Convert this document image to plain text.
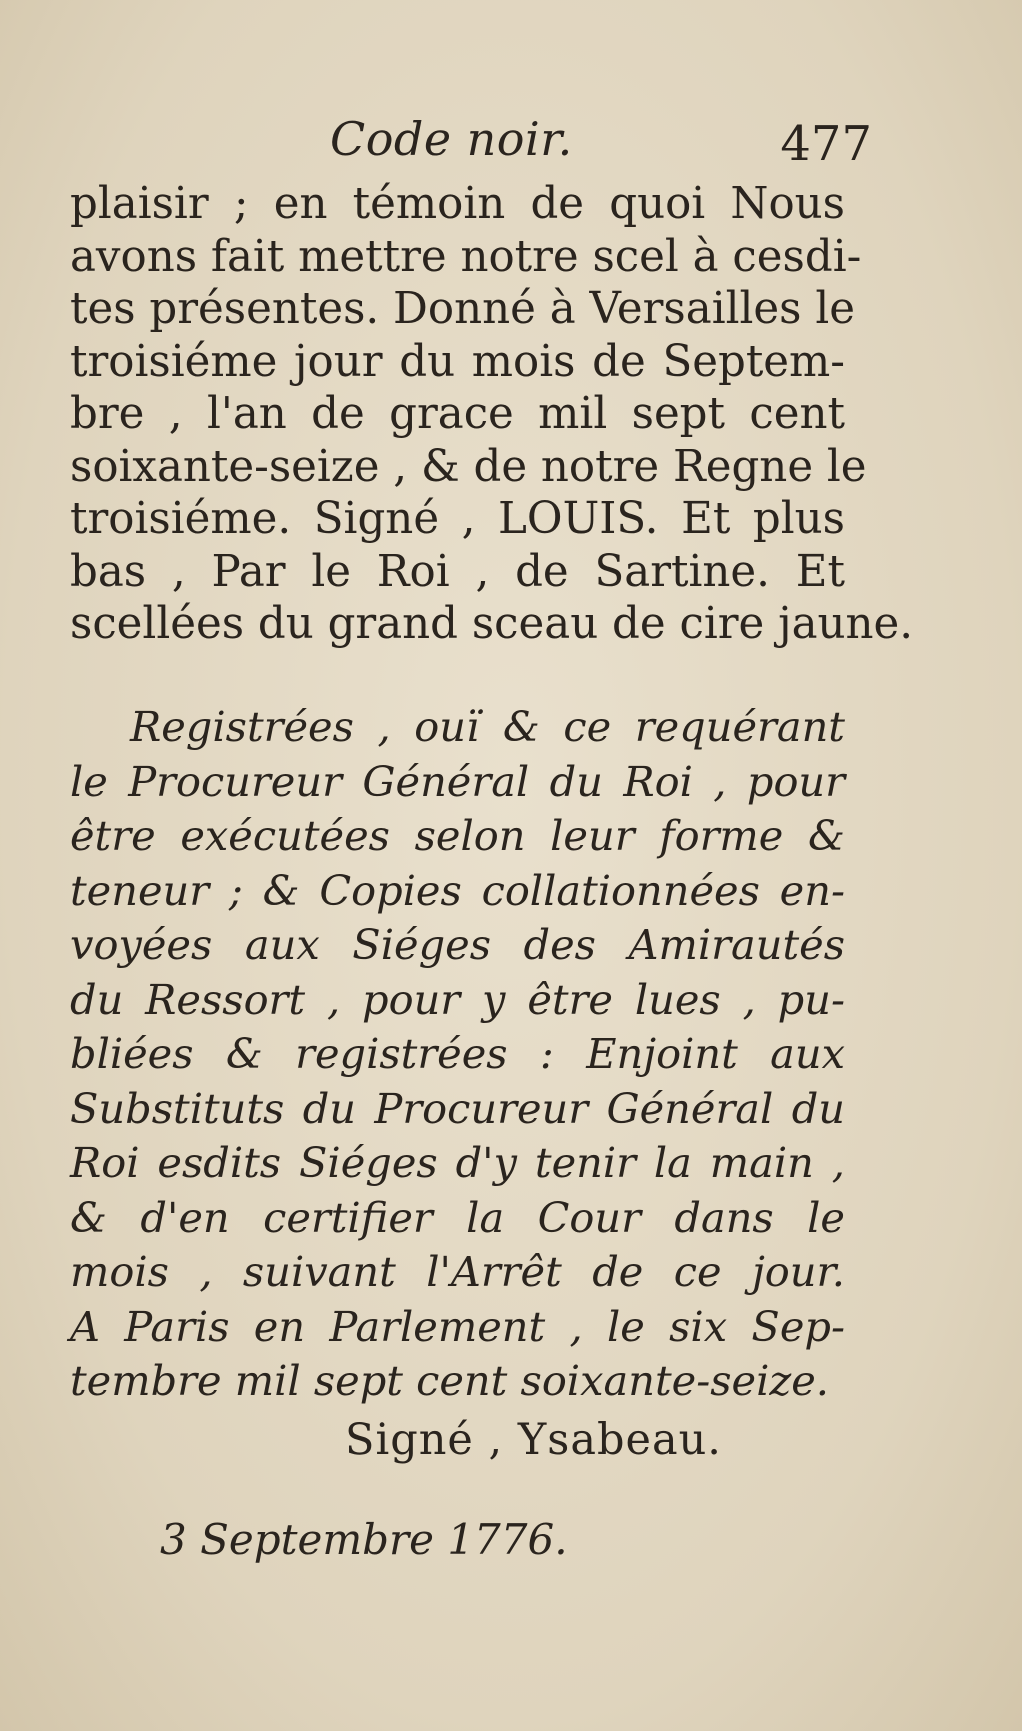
Code noir.	477
plaisir ; en témoin de quoi Nous
avons fait mettre notre scel à cesdi-
tes présentes. Donné à Versailles le
troisiéme jour du mois de Septem-
bre , l'an de grace mil sept cent
soixante-seize , & de notre Regne le
troisiéme. Signé , LOUIS. Et plus
bas , Par le Roi , de Sartine. Et
scellées du grand sceau de cire jaune.
Registrées , ouï & ce requérant
le Procureur Général du Roi , pour
être exécutées selon leur forme &
teneur ; & Copies collationnées en-
voyées aux Siéges des Amirautés
du Ressort , pour y être lues , pu-
bliées & registrées : Enjoint aux
Substituts du Procureur Général du
Roi esdits Siéges d'y tenir la main ,
& d'en certifier la Cour dans le
mois , suivant l'Arrêt de ce jour.
A Paris en Parlement , le six Sep-
tembre mil sept cent soixante-seize.
Signé , Ysabeau.
3 Septembre 1776.
